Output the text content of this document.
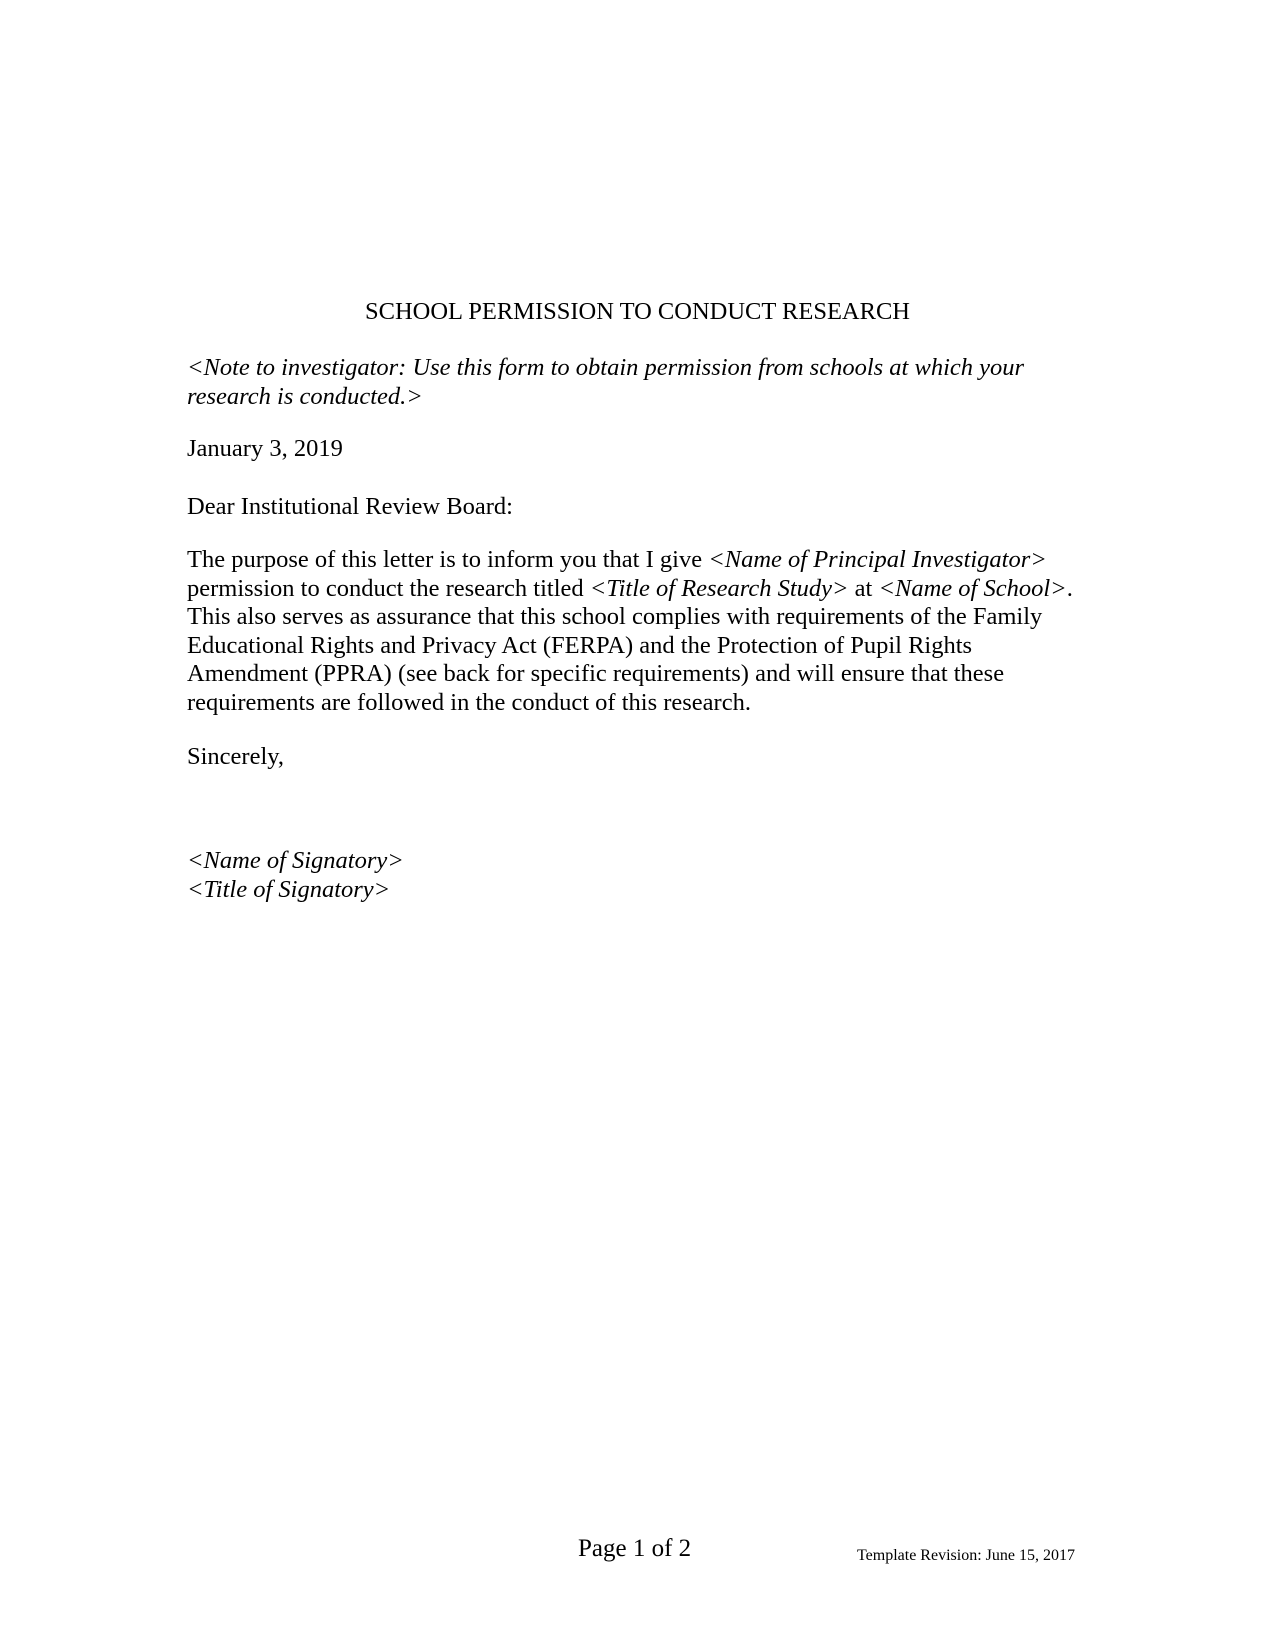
SCHOOL PERMISSION TO CONDUCT RESEARCH
<Note to investigator: Use this form to obtain permission from schools at which your research is conducted.>
January 3, 2019
Dear Institutional Review Board:
The purpose of this letter is to inform you that I give <Name of Principal Investigator> permission to conduct the research titled <Title of Research Study> at <Name of School>. This also serves as assurance that this school complies with requirements of the Family Educational Rights and Privacy Act (FERPA) and the Protection of Pupil Rights Amendment (PPRA) (see back for specific requirements) and will ensure that these requirements are followed in the conduct of this research.
Sincerely,
<Name of Signatory>
<Title of Signatory>
Page 1 of 2	Template Revision: June 15, 2017
